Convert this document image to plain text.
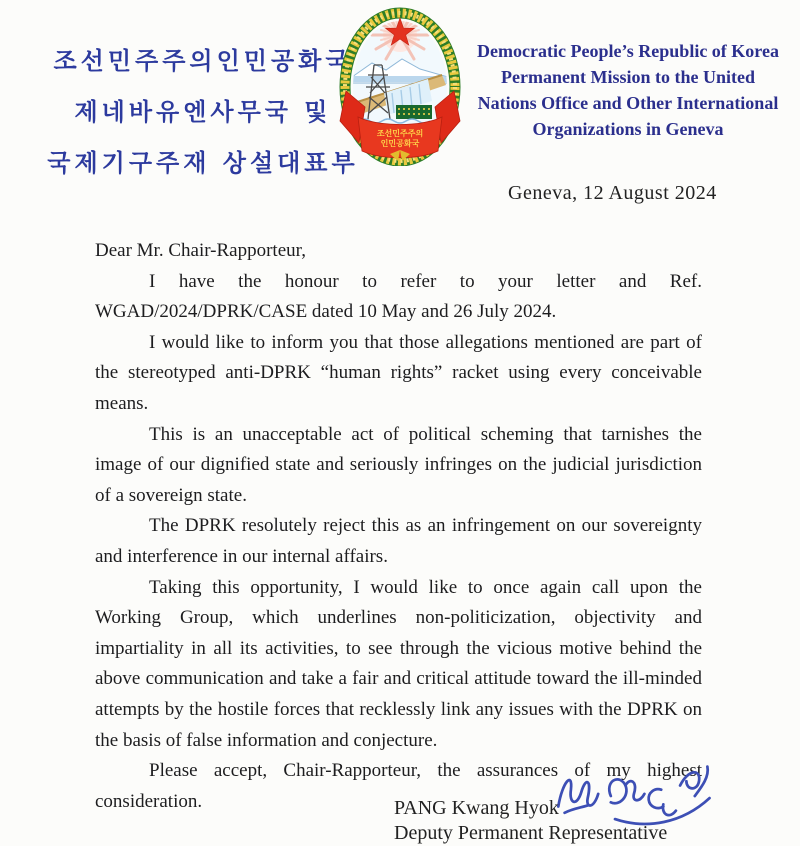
조선민주주의인민공화국
제네바유엔사무국 및
국제기구주재 상설대표부
조선민주주의
인민공화국
Democratic People’s Republic of Korea
Permanent Mission to the United
Nations Office and Other International
Organizations in Geneva
Geneva, 12 August 2024

Dear Mr. Chair-Rapporteur,

I have the honour to refer to your letter and Ref. WGAD/2024/DPRK/CASE dated 10 May and 26 July 2024.

I would like to inform you that those allegations mentioned are part of the stereotyped anti-DPRK “human rights” racket using every conceivable means.

This is an unacceptable act of political scheming that tarnishes the image of our dignified state and seriously infringes on the judicial jurisdiction of a sovereign state.

The DPRK resolutely reject this as an infringement on our sovereignty and interference in our internal affairs.

Taking this opportunity, I would like to once again call upon the Working Group, which underlines non-politicization, objectivity and impartiality in all its activities, to see through the vicious motive behind the above communication and take a fair and critical attitude toward the ill-minded attempts by the hostile forces that recklessly link any issues with the DPRK on the basis of false information and conjecture.

Please accept, Chair-Rapporteur, the assurances of my highest consideration.	PANG Kwang Hyok
Deputy Permanent Representative
